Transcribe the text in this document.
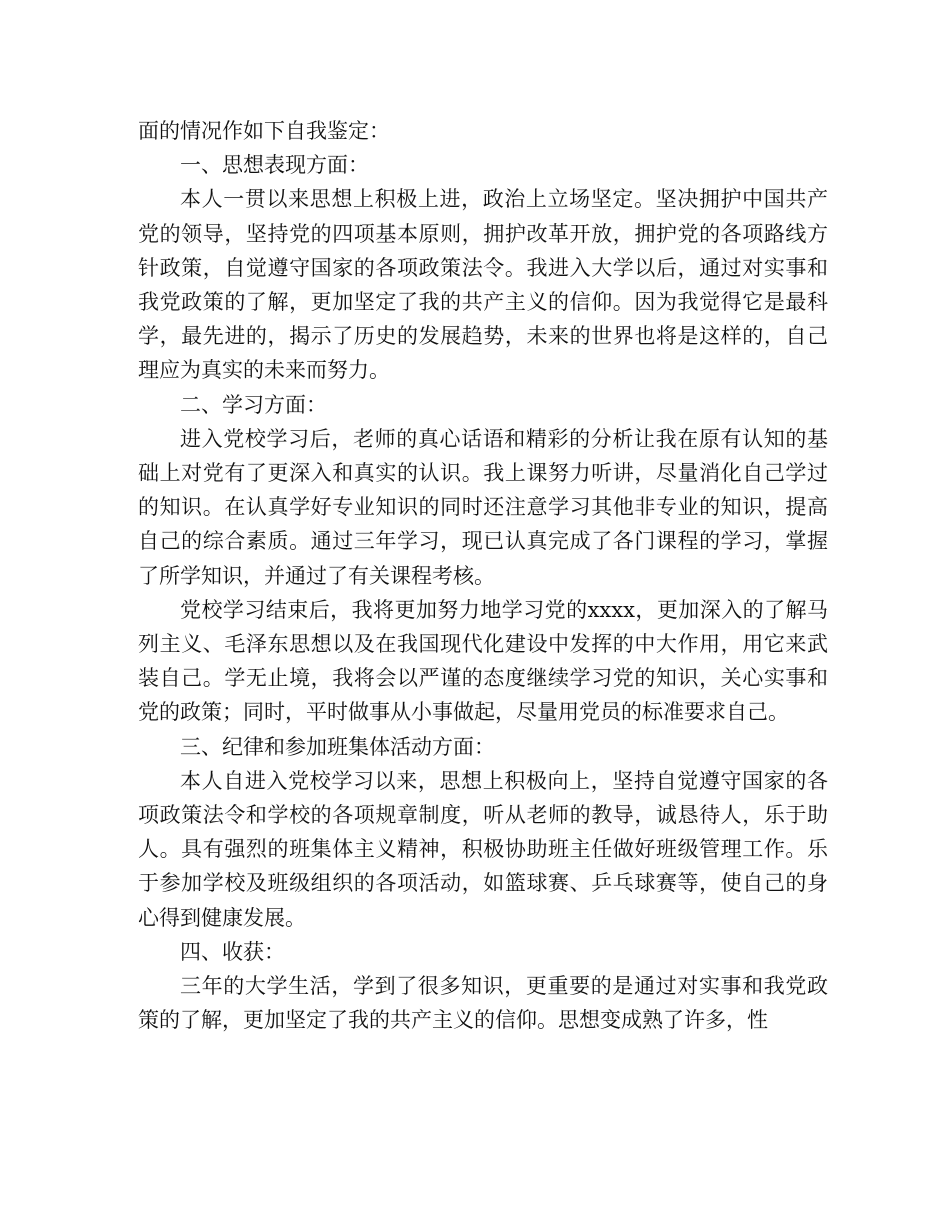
面的情况作如下自我鉴定：

一、思想表现方面：

本人一贯以来思想上积极上进，政治上立场坚定。坚决拥护中国共产党的领导，坚持党的四项基本原则，拥护改革开放，拥护党的各项路线方针政策，自觉遵守国家的各项政策法令。我进入大学以后，通过对实事和我党政策的了解，更加坚定了我的共产主义的信仰。因为我觉得它是最科学，最先进的，揭示了历史的发展趋势，未来的世界也将是这样的，自己理应为真实的未来而努力。

二、学习方面：

进入党校学习后，老师的真心话语和精彩的分析让我在原有认知的基础上对党有了更深入和真实的认识。我上课努力听讲，尽量消化自己学过的知识。在认真学好专业知识的同时还注意学习其他非专业的知识，提高自己的综合素质。通过三年学习，现已认真完成了各门课程的学习，掌握了所学知识，并通过了有关课程考核。

党校学习结束后，我将更加努力地学习党的xxxx，更加深入的了解马列主义、毛泽东思想以及在我国现代化建设中发挥的中大作用，用它来武装自己。学无止境，我将会以严谨的态度继续学习党的知识，关心实事和党的政策；同时，平时做事从小事做起，尽量用党员的标准要求自己。

三、纪律和参加班集体活动方面：

本人自进入党校学习以来，思想上积极向上，坚持自觉遵守国家的各项政策法令和学校的各项规章制度，听从老师的教导，诚恳待人，乐于助人。具有强烈的班集体主义精神，积极协助班主任做好班级管理工作。乐于参加学校及班级组织的各项活动，如篮球赛、乒乓球赛等，使自己的身心得到健康发展。

四、收获：

三年的大学生活，学到了很多知识，更重要的是通过对实事和我党政策的了解，更加坚定了我的共产主义的信仰。思想变成熟了许多，性
